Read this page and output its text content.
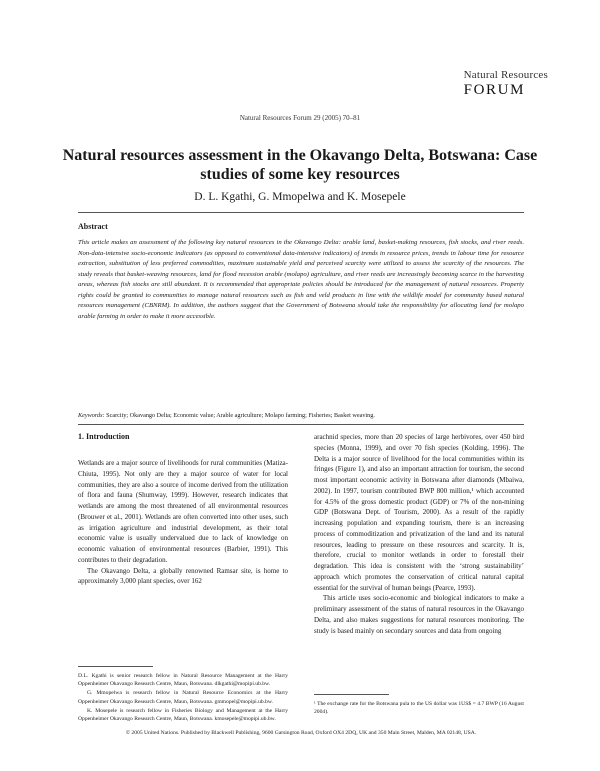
Natural Resources
FORUM
Natural Resources Forum 29 (2005) 70–81
Natural resources assessment in the Okavango Delta, Botswana: Case studies of some key resources
D. L. Kgathi, G. Mmopelwa and K. Mosepele
Abstract
This article makes an assessment of the following key natural resources in the Okavango Delta: arable land, basket-making resources, fish stocks, and river reeds. Non-data-intensive socio-economic indicators (as opposed to conventional data-intensive indicators) of trends in resource prices, trends in labour time for resource extraction, substitution of less preferred commodities, maximum sustainable yield and perceived scarcity were utilized to assess the scarcity of the resources. The study reveals that basket-weaving resources, land for flood recession arable (molapo) agriculture, and river reeds are increasingly becoming scarce in the harvesting areas, whereas fish stocks are still abundant. It is recommended that appropriate policies should be introduced for the management of natural resources. Property rights could be granted to communities to manage natural resources such as fish and veld products in line with the wildlife model for community based natural resources management (CBNRM). In addition, the authors suggest that the Government of Botswana should take the responsibility for allocating land for molapo arable farming in order to make it more accessible.
Keywords: Scarcity; Okavango Delta; Economic value; Arable agriculture; Molapo farming; Fisheries; Basket weaving.
1. Introduction

Wetlands are a major source of livelihoods for rural communities (Matiza-Chiuta, 1995). Not only are they a major source of water for local communities, they are also a source of income derived from the utilization of flora and fauna (Shumway, 1999). However, research indicates that wetlands are among the most threatened of all environmental resources (Brouwer et al., 2001). Wetlands are often converted into other uses, such as irrigation agriculture and industrial development, as their total economic value is usually undervalued due to lack of knowledge on economic valuation of environmental resources (Barbier, 1991). This contributes to their degradation.

The Okavango Delta, a globally renowned Ramsar site, is home to approximately 3,000 plant species, over 162

D.L. Kgathi is senior research fellow in Natural Resource Management at the Harry Oppenheimer Okavango Research Centre, Maun, Botswana. dlkgathi@mopipi.ub.bw.

G. Mmopelwa is research fellow in Natural Resource Economics at the Harry Oppenheimer Okavango Research Centre, Maun, Botswana. gmmopel@mopipi.ub.bw.

K. Mosepele is research fellow in Fisheries Biology and Management at the Harry Oppenheimer Okavango Research Centre, Maun, Botswana. kmosepele@mopipi.ub.bw.

arachnid species, more than 20 species of large herbivores, over 450 bird species (Monna, 1999), and over 70 fish species (Kolding, 1996). The Delta is a major source of livelihood for the local communities within its fringes (Figure 1), and also an important attraction for tourism, the second most important economic activity in Botswana after diamonds (Mbaiwa, 2002). In 1997, tourism contributed BWP 800 million,¹ which accounted for 4.5% of the gross domestic product (GDP) or 7% of the non-mining GDP (Botswana Dept. of Tourism, 2000). As a result of the rapidly increasing population and expanding tourism, there is an increasing process of commoditization and privatization of the land and its natural resources, leading to pressure on these resources and scarcity. It is, therefore, crucial to monitor wetlands in order to forestall their degradation. This idea is consistent with the ‘strong sustainability’ approach which promotes the conservation of critical natural capital essential for the survival of human beings (Pearce, 1993).

This article uses socio-economic and biological indicators to make a preliminary assessment of the status of natural resources in the Okavango Delta, and also makes suggestions for natural resources monitoring. The study is based mainly on secondary sources and data from ongoing

¹ The exchange rate for the Botswana pula to the US dollar was 1US$ = 4.7 BWP (16 August 2004).
© 2005 United Nations. Published by Blackwell Publishing, 9600 Garsington Road, Oxford OX4 2DQ, UK and 350 Main Street, Malden, MA 02148, USA.
